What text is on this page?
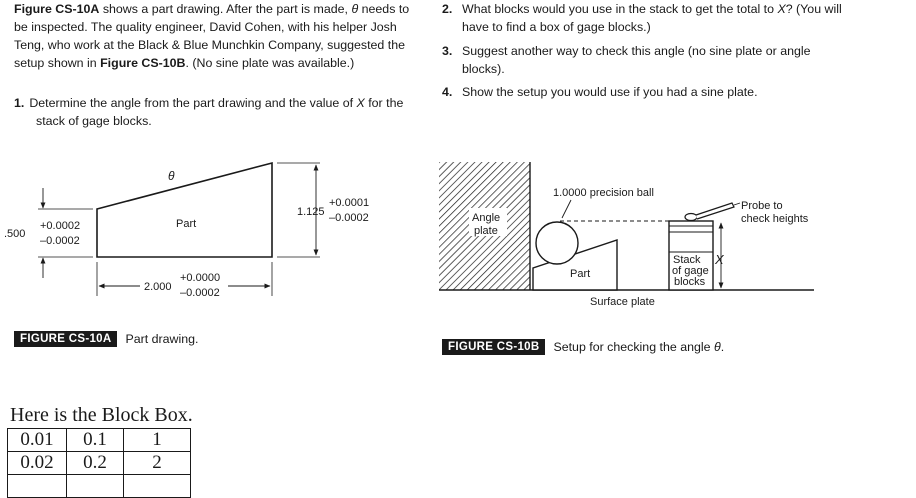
Figure CS-10A shows a part drawing. After the part is made, θ needs to be inspected. The quality engineer, David Cohen, with his helper Josh Teng, who work at the Black & Blue Munchkin Company, suggested the setup shown in Figure CS-10B. (No sine plate was available.)
1. Determine the angle from the part drawing and the value of X for the
stack of gage blocks.
2. What blocks would you use in the stack to get the total to X? (You will
have to find a box of gage blocks.)
3. Suggest another way to check this angle (no sine plate or angle
blocks).
4. Show the setup you would use if you had a sine plate.
θ
Part
.500
+0.0002
–0.0002
1.125
+0.0001
–0.0002
2.000
+0.0000
–0.0002
FIGURE CS-10A	Part drawing.
1.0000 precision ball
Angle
plate
Part
Probe to
check heights
Stack
of gage
blocks
X
Surface plate
FIGURE CS-10B	Setup for checking the angle θ.
Here is the Block Box.
0.01	0.1	1
0.02	0.2	2
